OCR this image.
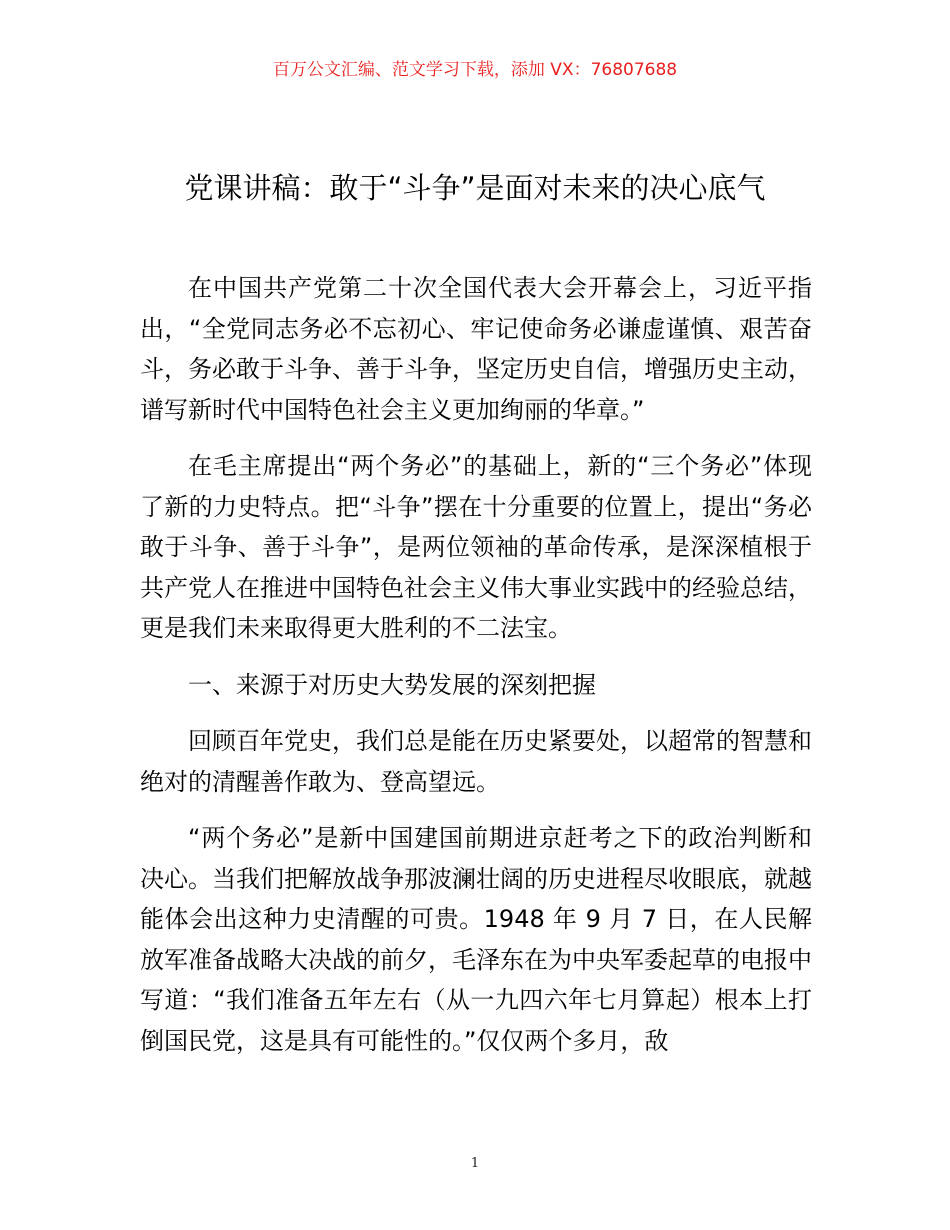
百万公文汇编、范文学习下载，添加 VX：76807688
党课讲稿：敢于“斗争”是面对未来的决心底气

在中国共产党第二十次全国代表大会开幕会上，习近平指出，“全党同志务必不忘初心、牢记使命务必谦虚谨慎、艰苦奋斗，务必敢于斗争、善于斗争，坚定历史自信，增强历史主动，谱写新时代中国特色社会主义更加绚丽的华章。”

在毛主席提出“两个务必”的基础上，新的“三个务必”体现了新的力史特点。把“斗争”摆在十分重要的位置上，提出“务必敢于斗争、善于斗争”，是两位领袖的革命传承，是深深植根于共产党人在推进中国特色社会主义伟大事业实践中的经验总结，更是我们未来取得更大胜利的不二法宝。

一、来源于对历史大势发展的深刻把握

回顾百年党史，我们总是能在历史紧要处，以超常的智慧和绝对的清醒善作敢为、登高望远。

“两个务必”是新中国建国前期进京赶考之下的政治判断和决心。当我们把解放战争那波澜壮阔的历史进程尽收眼底，就越能体会出这种力史清醒的可贵。1948 年 9 月 7 日，在人民解放军准备战略大决战的前夕，毛泽东在为中央军委起草的电报中写道：“我们准备五年左右（从一九四六年七月算起）根本上打倒国民党，这是具有可能性的。”仅仅两个多月，敌

1
